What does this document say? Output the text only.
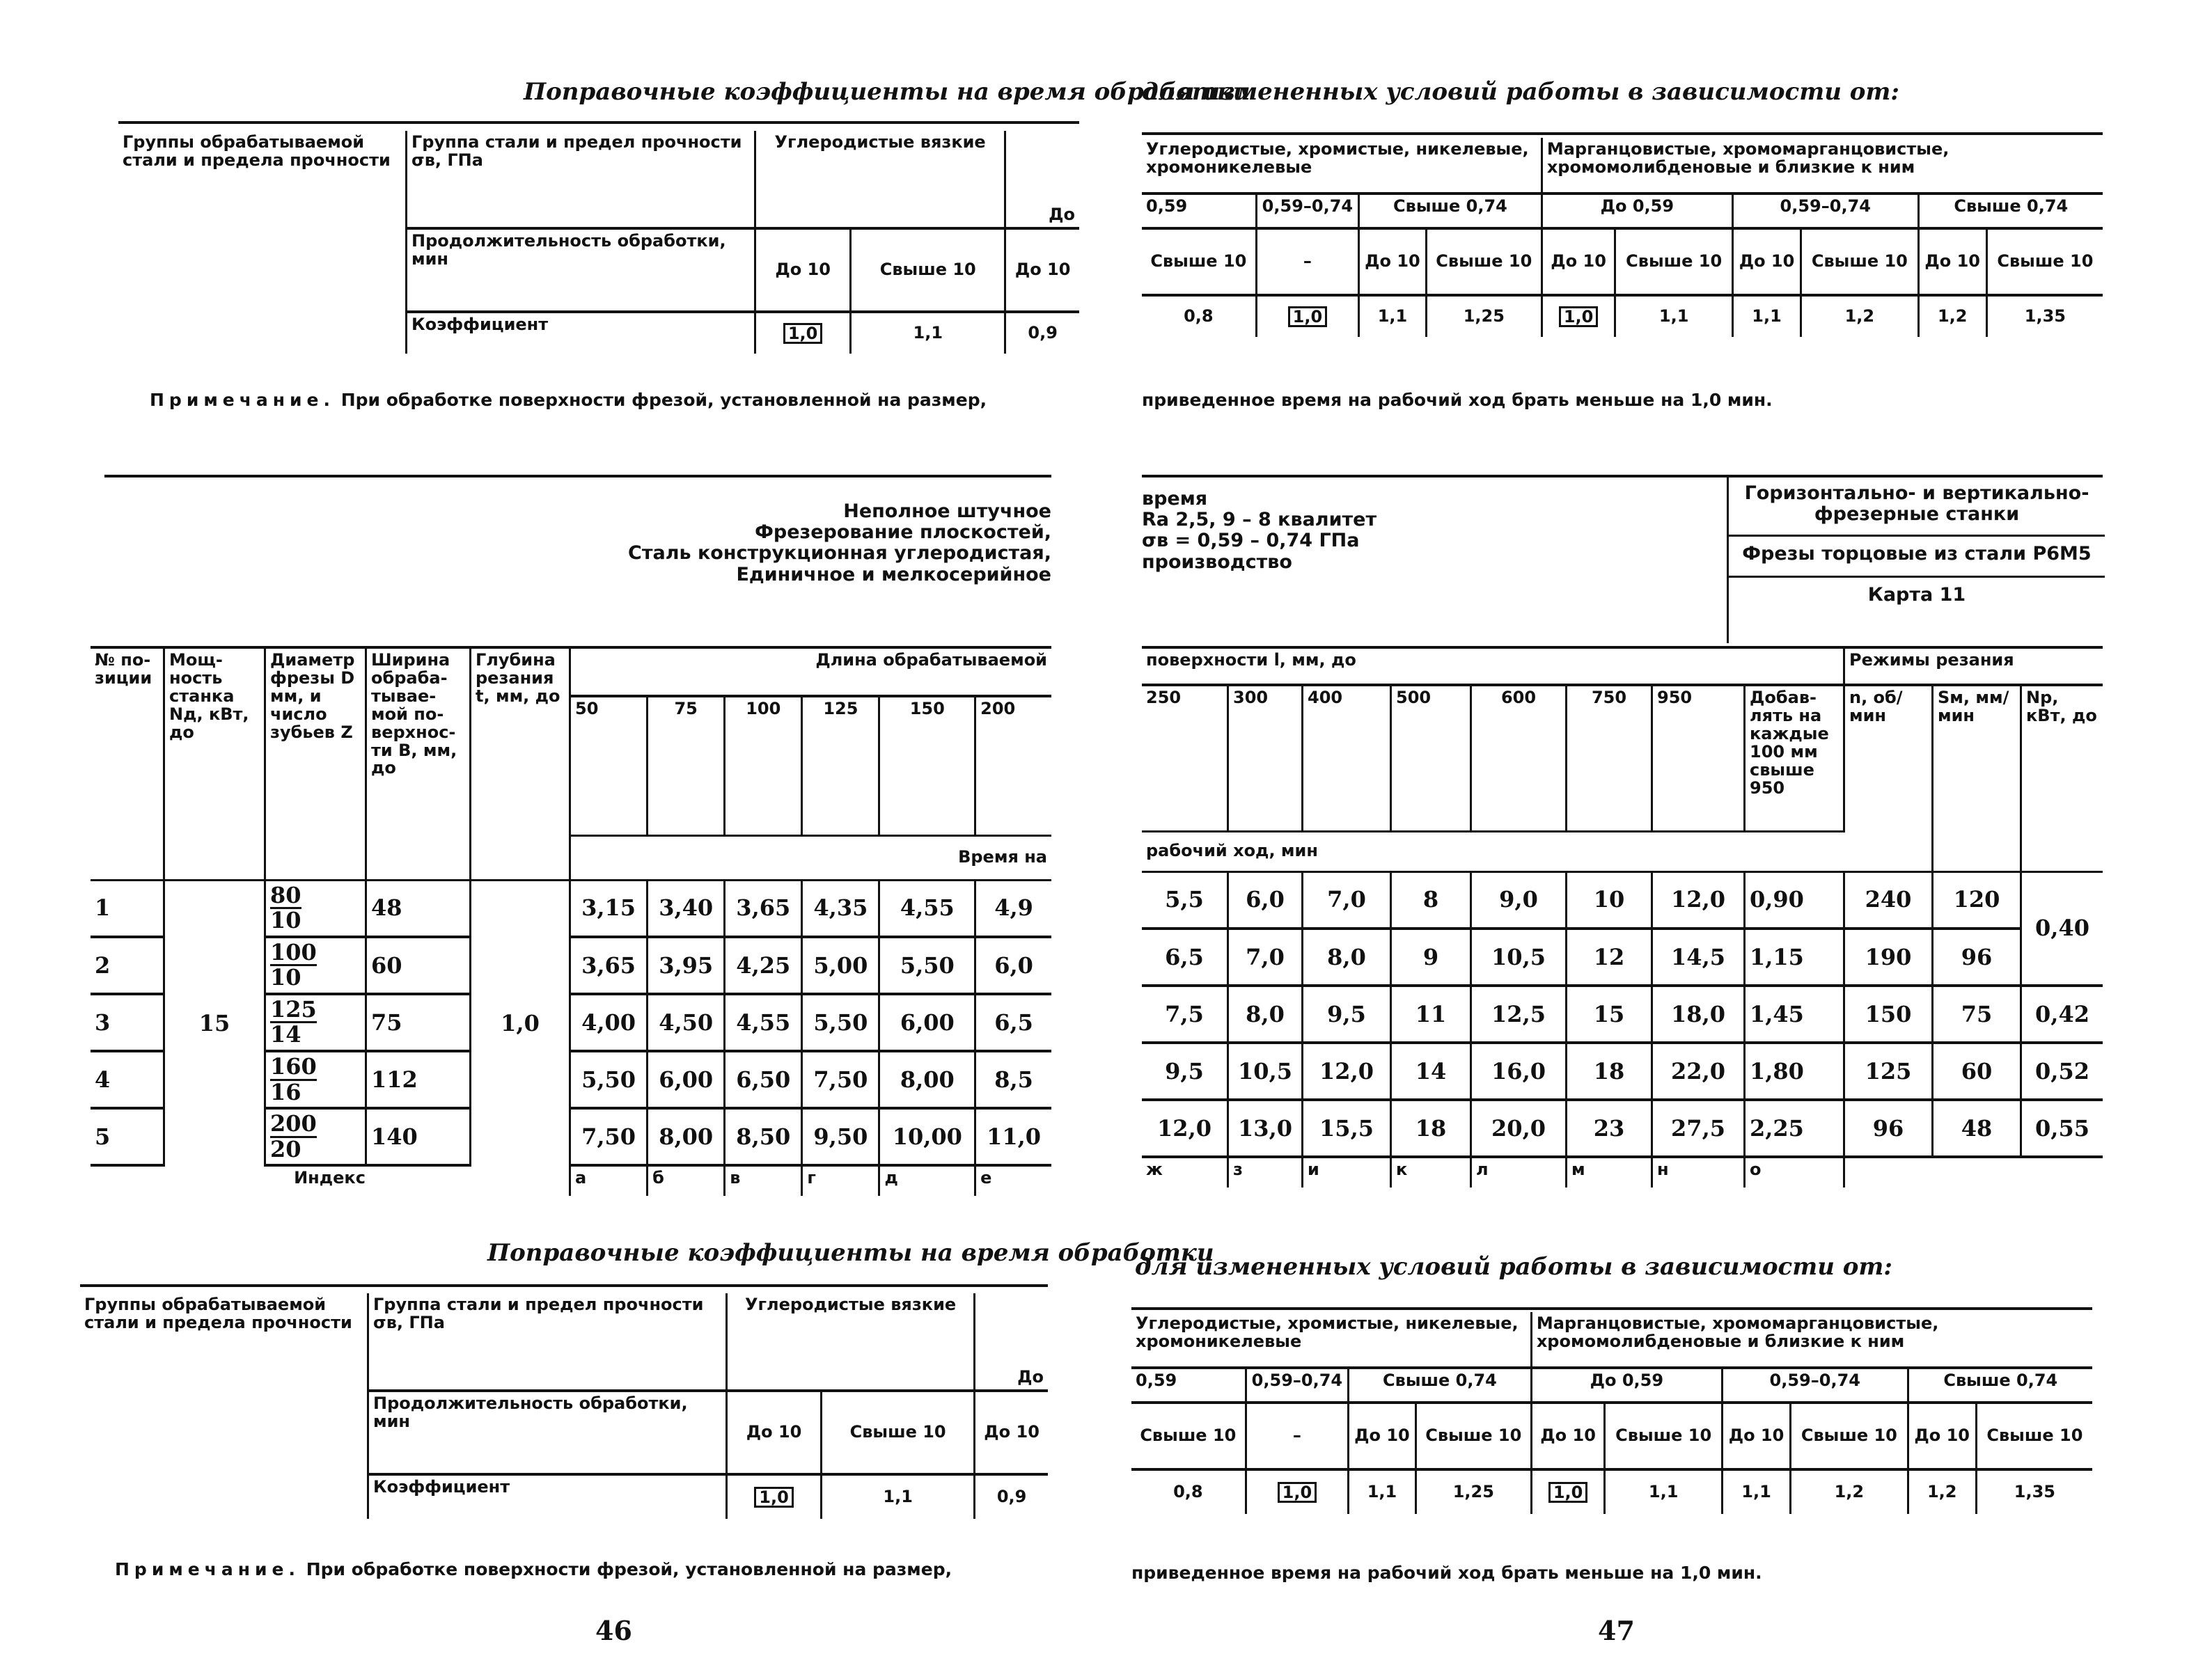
Поправочные коэффициенты на время обработки
Группы обрабатываемой стали и предела прочности	Группа стали и предел прочности σв, ГПа	Углеродистые вязкие		До
	Продолжительность обработки, мин	До 10	Свыше 10	До 10
	Коэффициент	1,0	1,1	0,9
Примечание. При обработке поверхности фрезой, установленной на размер,
Неполное штучное
Фрезерование плоскостей,
Сталь конструкционная углеродистая,
Единичное и мелкосерийное
№ по-зиции	Мощ-ность станка Nд, кВт, до	Диаметр фрезы D мм, и число зубьев Z	Ширина обраба-тывае-мой по-верхнос-ти В, мм, до	Глубина резания t, мм, до	Длина обрабатываемой					
					50	75	100	125	150	200
					Время на					
1	15	$\frac{80}{10}$	48	1,0	3,15	3,40	3,65	4,35	4,55	4,9
2		$\frac{100}{10}$	60		3,65	3,95	4,25	5,00	5,50	6,0
3		$\frac{125}{14}$	75		4,00	4,50	4,55	5,50	6,00	6,5
4		$\frac{160}{16}$	112		5,50	6,00	6,50	7,50	8,00	8,5
5		$\frac{200}{20}$	140		7,50	8,00	8,50	9,50	10,00	11,0
Индекс					а	б	в	г	д	е
Поправочные коэффициенты на время обработки
Группы обрабатываемой стали и предела прочности	Группа стали и предел прочности σв, ГПа	Углеродистые вязкие		До
	Продолжительность обработки, мин	До 10	Свыше 10	До 10
	Коэффициент	1,0	1,1	0,9
Примечание. При обработке поверхности фрезой, установленной на размер,
46
для измененных условий работы в зависимости от:
Углеродистые, хромистые, никелевые, хромоникелевые				Марганцовистые, хромомарганцовистые, хромомолибденовые и близкие к ним					
0,59	0,59–0,74	Свыше 0,74		До 0,59		0,59–0,74		Свыше 0,74	
Свыше 10	–	До 10	Свыше 10	До 10	Свыше 10	До 10	Свыше 10	До 10	Свыше 10
0,8	1,0	1,1	1,25	1,0	1,1	1,1	1,2	1,2	1,35
приведенное время на рабочий ход брать меньше на 1,0 мин.
время
Ra 2,5, 9 – 8 квалитет
σв = 0,59 – 0,74 ГПа
производство
Горизонтально- и вертикально-фрезерные станки
Фрезы торцовые из стали Р6М5
Карта 11
поверхности l, мм, до								Режимы резания		
250	300	400	500	600	750	950	Добав-лять на каждые 100 мм свыше 950	n, об/мин	Sм, мм/мин	Nр, кВт, до
рабочий ход, мин										
5,5	6,0	7,0	8	9,0	10	12,0	0,90	240	120	0,40
6,5	7,0	8,0	9	10,5	12	14,5	1,15	190	96	
7,5	8,0	9,5	11	12,5	15	18,0	1,45	150	75	0,42
9,5	10,5	12,0	14	16,0	18	22,0	1,80	125	60	0,52
12,0	13,0	15,5	18	20,0	23	27,5	2,25	96	48	0,55
ж	з	и	к	л	м	н	о			
для измененных условий работы в зависимости от:
Углеродистые, хромистые, никелевые, хромоникелевые				Марганцовистые, хромомарганцовистые, хромомолибденовые и близкие к ним					
0,59	0,59–0,74	Свыше 0,74		До 0,59		0,59–0,74		Свыше 0,74	
Свыше 10	–	До 10	Свыше 10	До 10	Свыше 10	До 10	Свыше 10	До 10	Свыше 10
0,8	1,0	1,1	1,25	1,0	1,1	1,1	1,2	1,2	1,35
приведенное время на рабочий ход брать меньше на 1,0 мин.
47
